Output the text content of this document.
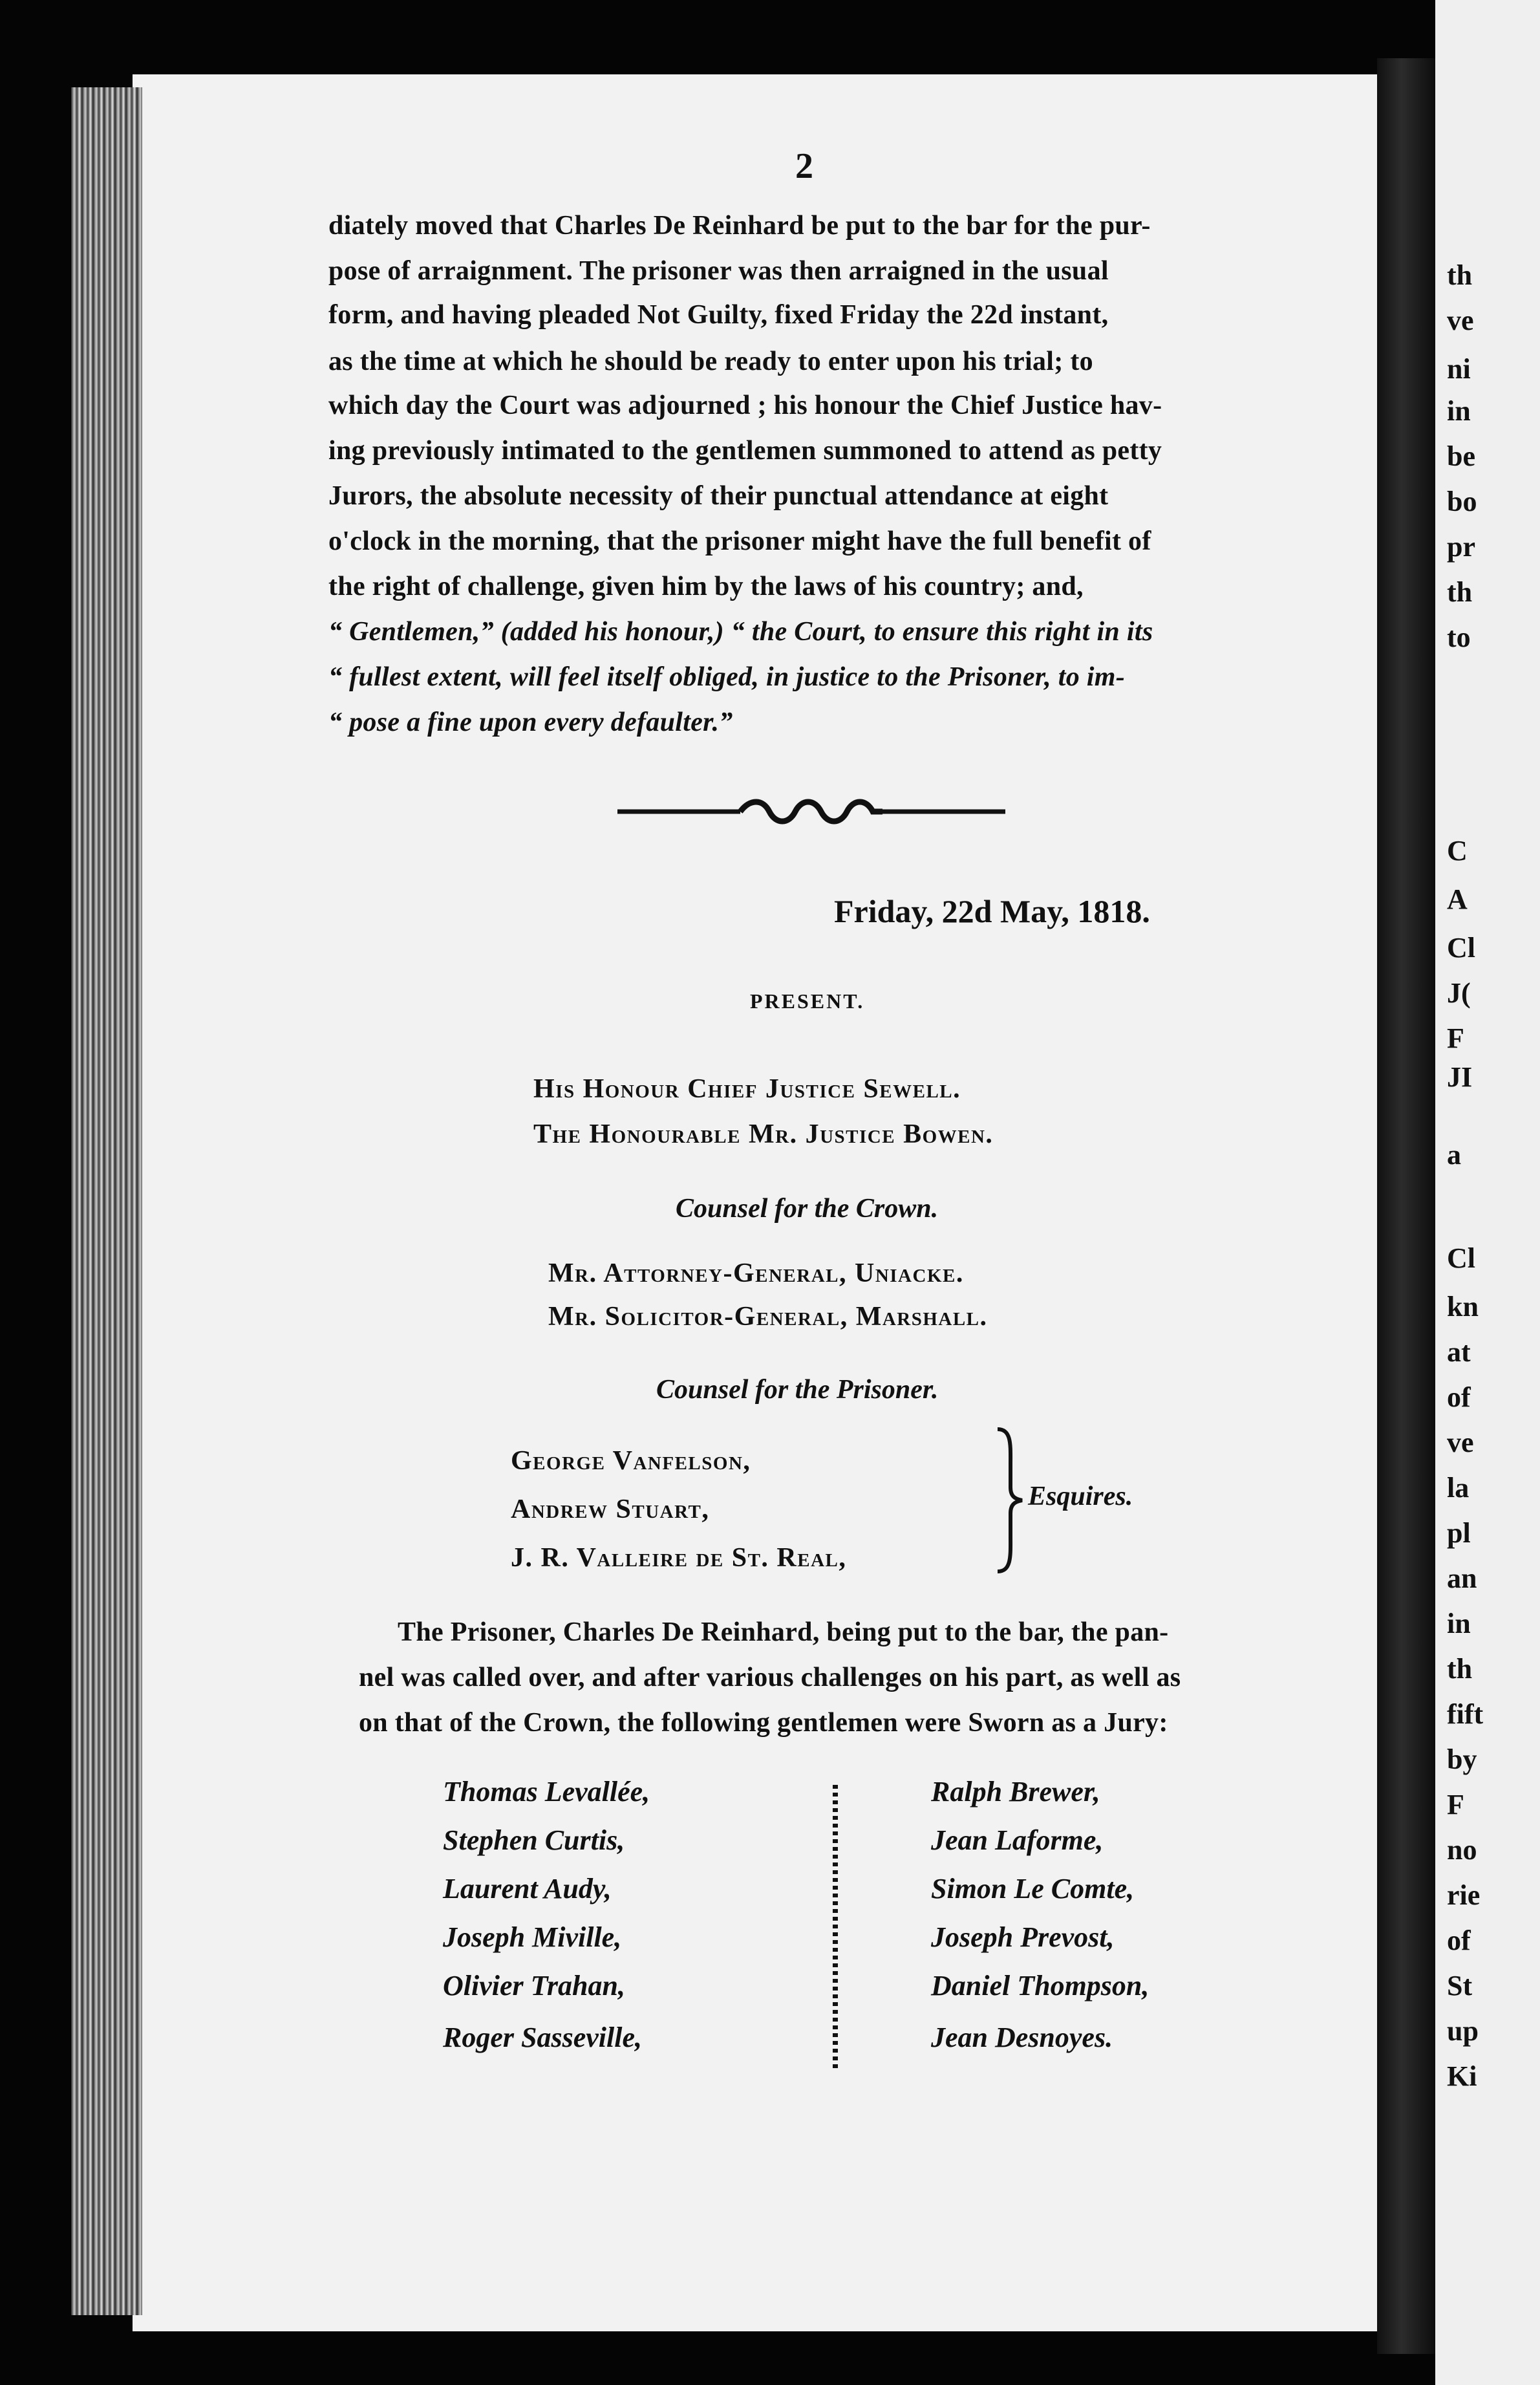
th
ve
ni
in
be
bo
pr
th
to
C
A
Cl
J(
F
JI
a
Cl
kn
at
of
ve
la
pl
an
in
th
fift
by
F
no
rie
of
St
up
Ki
2
diately moved that Charles De Reinhard be put to the bar for the pur-
pose of arraignment. The prisoner was then arraigned in the usual
form, and having pleaded Not Guilty, fixed Friday the 22d instant,
as the time at which he should be ready to enter upon his trial; to
which day the Court was adjourned ; his honour the Chief Justice hav-
ing previously intimated to the gentlemen summoned to attend as petty
Jurors, the absolute necessity of their punctual attendance at eight
o'clock in the morning, that the prisoner might have the full benefit of
the right of challenge, given him by the laws of his country; and,
“ Gentlemen,” (added his honour,) “ the Court, to ensure this right in its
“ fullest extent, will feel itself obliged, in justice to the Prisoner, to im-
“ pose a fine upon every defaulter.”
Friday, 22d May, 1818.
PRESENT.
His Honour Chief Justice Sewell.
The Honourable Mr. Justice Bowen.
Counsel for the Crown.
Mr. Attorney-General, Uniacke.
Mr. Solicitor-General, Marshall.
Counsel for the Prisoner.
George Vanfelson,
Andrew Stuart,
J. R. Valleire de St. Real,
Esquires.
The Prisoner, Charles De Reinhard, being put to the bar, the pan-
nel was called over, and after various challenges on his part, as well as
on that of the Crown, the following gentlemen were Sworn as a Jury:
Thomas Levallée,
Stephen Curtis,
Laurent Audy,
Joseph Miville,
Olivier Trahan,
Roger Sasseville,
Ralph Brewer,
Jean Laforme,
Simon Le Comte,
Joseph Prevost,
Daniel Thompson,
Jean Desnoyes.
